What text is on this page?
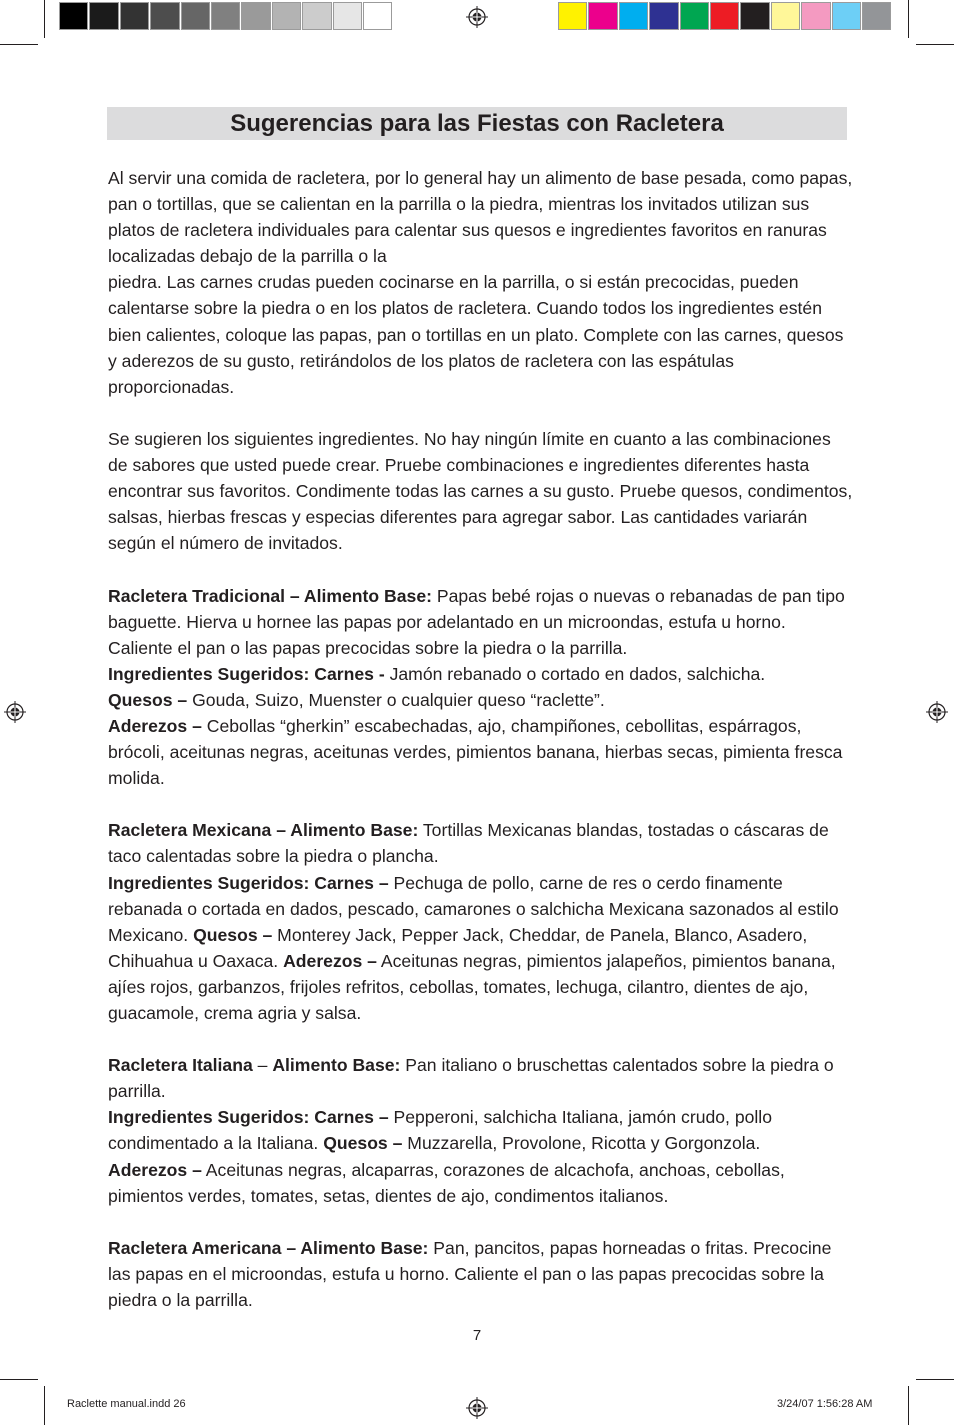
Sugerencias para las Fiestas con Racletera

Al servir una comida de racletera, por lo general hay un alimento de base pesada, como papas, pan o tortillas, que se calientan en la parrilla o la piedra, mientras los invitados utilizan sus platos de racletera individuales para calentar sus quesos e ingredientes favoritos en ranuras localizadas debajo de la parrilla o la
piedra. Las carnes crudas pueden cocinarse en la parrilla, o si están precocidas, pueden calentarse sobre la piedra o en los platos de racletera. Cuando todos los ingredientes estén bien calientes, coloque las papas, pan o tortillas en un plato. Complete con las carnes, quesos y aderezos de su gusto, retirándolos de los platos de racletera con las espátulas proporcionadas.

Se sugieren los siguientes ingredientes. No hay ningún límite en cuanto a las combinaciones de sabores que usted puede crear. Pruebe combinaciones e ingredientes diferentes hasta encontrar sus favoritos. Condimente todas las carnes a su gusto. Pruebe quesos, condimentos, salsas, hierbas frescas y especias diferentes para agregar sabor. Las cantidades variarán según el número de invitados.

Racletera Tradicional – Alimento Base: Papas bebé rojas o nuevas o rebanadas de pan tipo baguette. Hierva u hornee las papas por adelantado en un microondas, estufa u horno. Caliente el pan o las papas precocidas sobre la piedra o la parrilla.
Ingredientes Sugeridos: Carnes - Jamón rebanado o cortado en dados, salchicha.
Quesos – Gouda, Suizo, Muenster o cualquier queso “raclette”.
Aderezos – Cebollas “gherkin” escabechadas, ajo, champiñones, cebollitas, espárragos, brócoli, aceitunas negras, aceitunas verdes, pimientos banana, hierbas secas, pimienta fresca molida.

Racletera Mexicana – Alimento Base: Tortillas Mexicanas blandas, tostadas o cáscaras de taco calentadas sobre la piedra o plancha.
Ingredientes Sugeridos: Carnes – Pechuga de pollo, carne de res o cerdo finamente rebanada o cortada en dados, pescado, camarones o salchicha Mexicana sazonados al estilo Mexicano. Quesos – Monterey Jack, Pepper Jack, Cheddar, de Panela, Blanco, Asadero, Chihuahua u Oaxaca. Aderezos – Aceitunas negras, pimientos jalapeños, pimientos banana, ajíes rojos, garbanzos, frijoles refritos, cebollas, tomates, lechuga, cilantro, dientes de ajo, guacamole, crema agria y salsa.

Racletera Italiana – Alimento Base: Pan italiano o bruschettas calentados sobre la piedra o parrilla.
Ingredientes Sugeridos: Carnes – Pepperoni, salchicha Italiana, jamón crudo, pollo condimentado a la Italiana. Quesos – Muzzarella, Provolone, Ricotta y Gorgonzola.
Aderezos – Aceitunas negras, alcaparras, corazones de alcachofa, anchoas, cebollas, pimientos verdes, tomates, setas, dientes de ajo, condimentos italianos.

Racletera Americana – Alimento Base: Pan, pancitos, papas horneadas o fritas. Precocine las papas en el microondas, estufa u horno. Caliente el pan o las papas precocidas sobre la piedra o la parrilla.

7
Raclette manual.indd 26	3/24/07 1:56:28 AM
